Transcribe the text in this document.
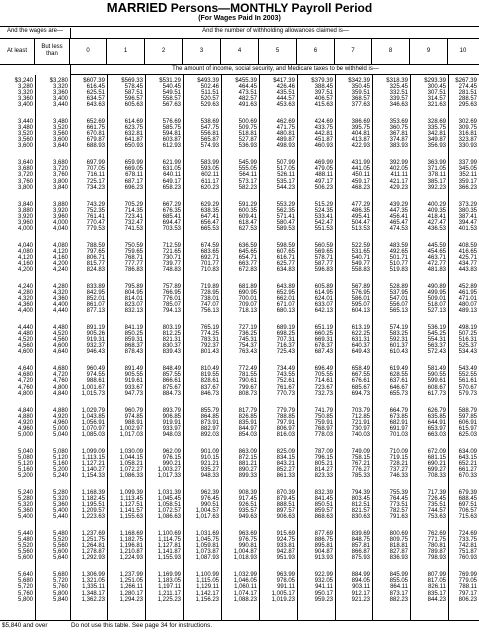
MARRIED Persons—MONTHLY Payroll Period
(For Wages Paid In 2003)
And the wages are—	And the number of withholding allowances claimed is—
At least
But less than
0	1	2	3	4	5	6	7	8	9	10
The amount of income, social security, and Medicare taxes to be withheld is—
$3,240	$3,280	$607.39	$569.33	$531.29	$493.39	$455.39	$417.39	$379.39	$342.39	$318.39	$293.39 $267.39
3,280	3,320	616.45	578.45	540.45	502.46	464.45	426.46	388.45	350.45	325.45	300.45 274.45
3,320	3,360	625.51	587.51	549.51	511.51	473.51	435.51	397.51	359.51	332.51	307.51 281.51
3,360	3,400	634.57	596.57	558.57	520.57	482.57	444.57	406.57	368.57	339.57	314.57 288.57
3,400	3,440	643.63	605.63	567.63	529.63	491.63	453.63	415.63	377.63	346.63	321.63 295.63
3,440	3,480	652.69	614.69	576.69	538.69	500.69	462.69	424.69	386.69	353.69	328.69 302.69
3,480	3,520	661.75	623.75	585.75	547.75	509.75	471.75	433.75	395.75	360.75	335.75 309.75
3,520	3,560	670.81	632.81	594.81	556.81	518.81	480.81	442.81	404.81	367.81	342.81 316.81
3,560	3,600	679.87	641.87	603.87	565.87	527.87	489.87	451.87	413.87	374.87	349.87 323.87
3,600	3,640	688.93	650.93	612.93	574.93	536.93	498.93	460.93	422.93	383.93	356.93 330.93
3,640	3,680	697.99	659.99	621.99	583.99	545.99	507.99	469.99	431.99	392.99	363.99 337.99
3,680	3,720	707.05	669.05	631.05	593.05	555.05	517.05	479.05	441.05	402.05	371.05 345.05
3,720	3,760	716.11	678.11	640.11	602.11	564.11	526.11	488.11	450.11	411.11	378.11 352.11
3,760	3,800	725.17	687.17	649.17	611.17	573.17	535.17	497.17	459.17	421.17	385.17 359.17
3,800	3,840	734.23	696.23	658.23	620.23	582.23	544.23	506.23	468.23	429.23	392.23 366.23
3,840	3,880	743.29	705.29	667.29	629.29	591.29	553.29	515.29	477.29	439.29	400.29 373.29
3,880	3,920	752.35	714.35	676.35	638.35	600.35	562.35	524.35	486.35	447.35	409.35 380.35
3,920	3,960	761.41	723.41	685.41	647.41	609.41	571.41	533.41	495.41	456.41	418.41 387.41
3,960	4,000	770.47	732.47	694.47	656.47	618.47	580.47	542.47	504.47	465.47	427.47 394.47
4,000	4,040	779.53	741.53	703.53	665.53	627.53	589.53	551.53	513.53	474.53	436.53 401.53
4,040	4,080	788.59	750.59	712.59	674.59	636.59	598.59	560.59	522.59	483.59	445.59 408.59
4,080	4,120	797.65	759.65	721.65	683.65	645.65	607.65	569.65	531.65	492.65	454.65 416.65
4,120	4,160	806.71	768.71	730.71	692.71	654.71	616.71	578.71	540.71	501.71	463.71 425.71
4,160	4,200	815.77	777.77	739.77	701.77	663.77	625.77	587.77	549.77	510.77	472.77 434.77
4,200	4,240	824.83	786.83	748.83	710.83	672.83	634.83	596.83	558.83	519.83	481.83 443.83
4,240	4,280	833.89	795.89	757.89	719.89	681.89	643.89	605.89	567.89	528.89	490.89 452.89
4,280	4,320	842.95	804.95	766.95	728.95	690.95	652.95	614.95	576.95	537.95	499.95 461.95
4,320	4,360	852.01	814.01	776.01	738.01	700.01	662.01	624.01	586.01	547.01	509.01 471.01
4,360	4,400	861.07	823.07	785.07	747.07	709.07	671.07	633.07	595.07	556.07	518.07 480.07
4,400	4,440	877.13	832.13	794.13	756.13	718.13	680.13	642.13	604.13	565.13	527.13 489.13
4,440	4,480	891.19	841.19	803.19	765.19	727.19	689.19	651.19	613.19	574.19	536.19 498.19
4,480	4,520	905.26	850.25	812.25	774.25	736.25	698.25	660.25	622.25	583.25	545.25 507.25
4,520	4,560	919.31	859.31	821.31	783.31	745.31	707.31	669.31	631.31	592.31	554.31 516.31
4,560	4,600	932.37	868.37	830.37	792.37	754.37	716.37	678.37	640.37	601.37	563.37 525.37
4,600	4,640	946.43	878.43	839.43	801.43	763.43	725.43	687.43	649.43	610.43	572.43 534.43
4,640	4,680	960.49	891.49	848.49	810.49	772.49	734.49	696.49	658.49	619.49	581.49 543.49
4,680	4,720	974.55	905.55	857.55	819.55	781.55	743.55	705.55	667.55	628.55	590.55 552.55
4,720	4,760	988.61	919.61	866.61	828.61	790.61	752.61	714.61	676.61	637.61	599.61 561.61
4,760	4,800 1,001.67	933.67	875.67	837.67	799.67	761.67	723.67	685.67	646.67	608.67 570.67
4,800	4,840 1,015.73	947.73	884.73	846.73	808.73	770.73	732.73	694.73	655.73	617.73 579.73
4,840	4,880 1,029.79	960.79	893.79	855.79	817.79	779.79	741.79	703.79	664.79	626.79 588.79
4,880	4,920 1,043.85	974.85	906.85	864.85	826.85	788.85	750.85	712.85	673.85	635.85 597.85
4,920	4,960 1,056.91	988.91	919.91	873.91	835.91	797.91	759.91	721.91	682.91	644.91 606.91
4,960	5,000 1,070.97 1,002.97	933.97	882.97	844.97	806.97	768.97	730.97	691.97	653.97 615.97
5,000	5,040 1,085.03 1,017.03	948.03	892.03	854.03	816.03	778.03	740.03	701.03	663.03 625.03
5,040	5,080 1,099.09 1,030.09	962.09	901.09	863.09	825.09	787.09	749.09	710.09	672.09 634.09
5,080	5,120 1,113.15 1,044.15	976.15	910.15	872.15	834.15	796.15	758.15	719.15	681.15 643.15
5,120	5,160 1,127.21 1,058.21	990.21	921.21	881.21	843.21	805.21	767.21	728.21	690.21 652.21
5,160	5,200 1,140.27 1,072.27 1,003.27	935.27	890.27	852.27	814.27	776.27	737.27	699.27 661.27
5,200	5,240 1,154.33 1,086.33 1,017.33	948.33	899.33	861.33	823.33	785.33	746.33	708.33 670.33
5,240	5,280 1,168.39 1,099.39 1,031.39	962.39	908.39	870.39	832.39	794.39	755.39	717.39 679.39
5,280	5,320 1,182.45	1,113.45 1,045.45	976.45	917.45	879.45	841.45	803.45	764.45	726.45 688.45
5,320	5,360 1,195.51 1,127.51 1,058.51	990.51	926.51	888.51	850.51	812.51	773.51	735.51 697.51
5,360	5,400 1,209.57 1,141.57 1,072.57 1,004.57	935.57	897.57	859.57	821.57	782.57	744.57 706.57
5,400	5,440 1,223.63 1,155.63 1,086.63 1,017.63	949.63	906.63	868.63	830.63	791.63	753.63 715.63
5,440	5,480 1,237.69 1,168.69 1,100.69 1,031.69	963.69	915.69	877.69	839.69	800.69	762.69 724.69
5,480	5,520 1,251.75 1,182.75	1,114.75 1,045.75	976.75	924.75	886.75	848.75	809.75	771.75 733.75
5,520	5,560 1,264.81 1,196.81 1,127.81 1,059.81	990.81	933.81	895.81	857.81	818.81	780.81 742.81
5,560	5,600 1,278.87 1,210.87 1,141.87 1,073.87 1,004.87	942.87	904.87	866.87	827.87	789.87 751.87
5,600	5,640 1,292.93 1,224.93 1,155.93 1,087.93 1,018.93	951.93	913.93	875.93	836.93	798.93 760.93
5,640	5,680 1,306.99 1,237.99 1,169.99 1,100.99 1,032.99	963.99	922.99	884.99	845.99	807.99 769.99
5,680	5,720 1,321.05 1,251.05 1,183.05	1,115.05 1,046.05	978.05	932.05	894.05	855.05	817.05 779.05
5,720	5,760 1,335.11	1,266.11	1,197.11	1,129.11	1,060.11	991.11	941.11	903.11	864.11	826.11 788.11
5,760	5,800 1,348.17 1,280.17	1,211.17 1,142.17 1,074.17 1,005.17	950.17	912.17	873.17	835.17 797.17
5,800	5,840 1,362.23 1,294.23 1,225.23 1,156.23 1,088.23 1,019.23	959.23	921.23	882.23	844.23 806.23
$5,840 and over	Do not use this table. See page 34 for instructions.
